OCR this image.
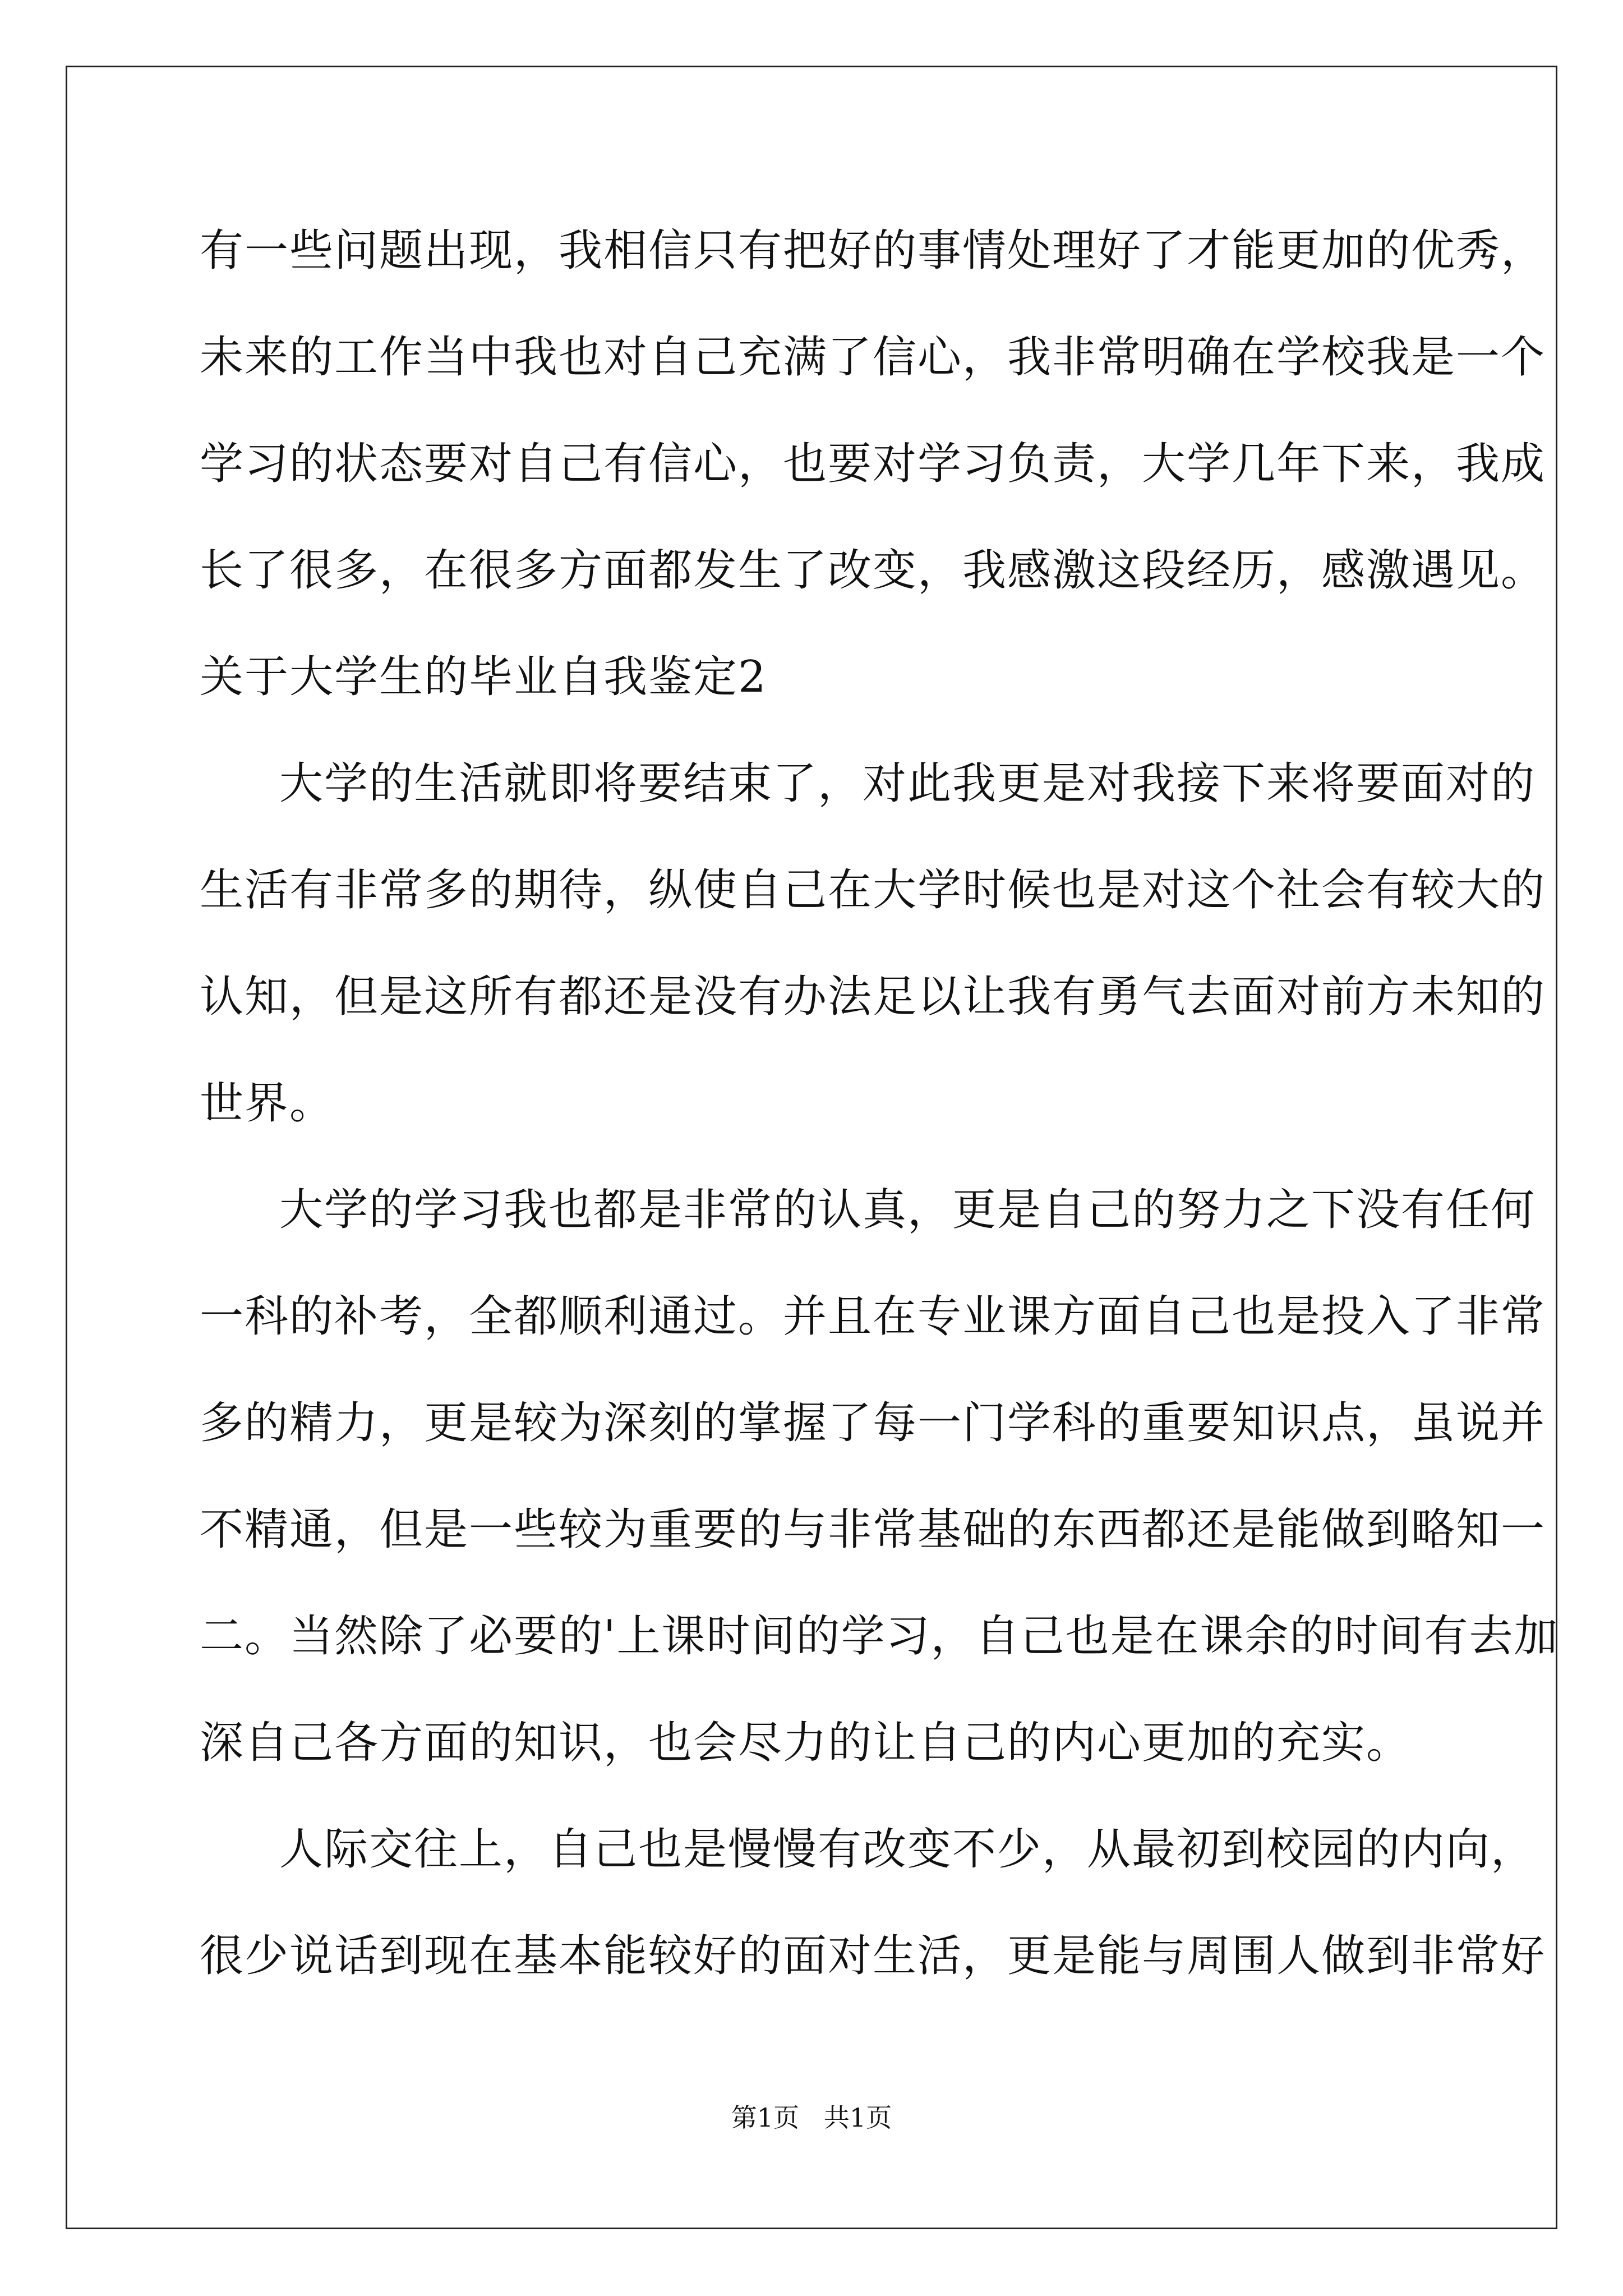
有一些问题出现，我相信只有把好的事情处理好了才能更加的优秀，
未来的工作当中我也对自己充满了信心，我非常明确在学校我是一个
学习的状态要对自己有信心，也要对学习负责，大学几年下来，我成
长了很多，在很多方面都发生了改变，我感激这段经历，感激遇见。
关于大学生的毕业自我鉴定2
大学的生活就即将要结束了，对此我更是对我接下来将要面对的
生活有非常多的期待，纵使自己在大学时候也是对这个社会有较大的
认知，但是这所有都还是没有办法足以让我有勇气去面对前方未知的
世界。
大学的学习我也都是非常的认真，更是自己的努力之下没有任何
一科的补考，全都顺利通过。并且在专业课方面自己也是投入了非常
多的精力，更是较为深刻的掌握了每一门学科的重要知识点，虽说并
不精通，但是一些较为重要的与非常基础的东西都还是能做到略知一
二。当然除了必要的'上课时间的学习，自己也是在课余的时间有去加
深自己各方面的知识，也会尽力的让自己的内心更加的充实。
人际交往上，自己也是慢慢有改变不少，从最初到校园的内向，
很少说话到现在基本能较好的面对生活，更是能与周围人做到非常好
第1页   共1页
